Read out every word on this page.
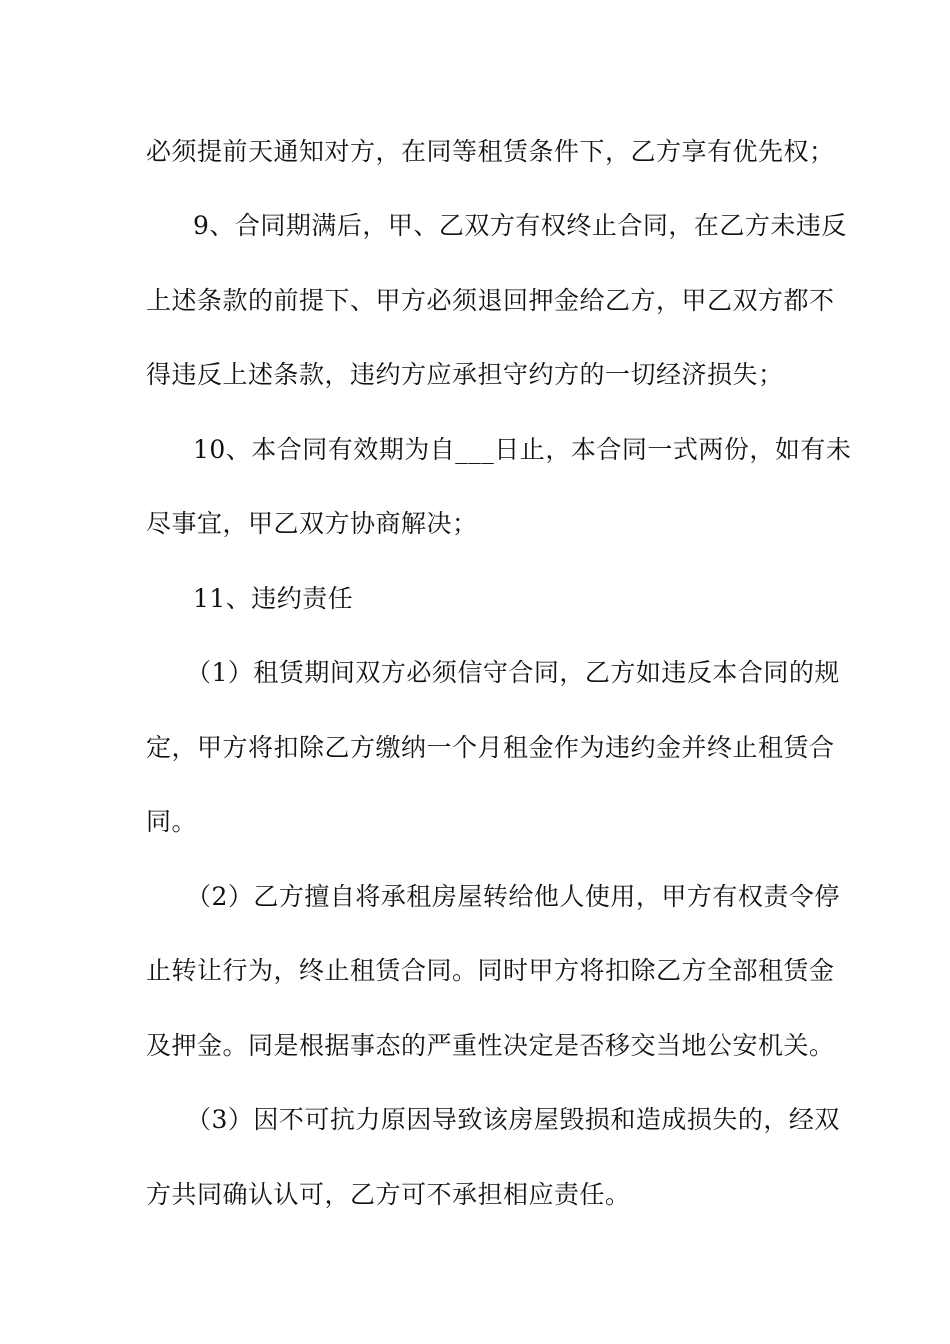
必须提前天通知对方，在同等租赁条件下，乙方享有优先权；
9、合同期满后，甲、乙双方有权终止合同，在乙方未违反
上述条款的前提下、甲方必须退回押金给乙方，甲乙双方都不
得违反上述条款，违约方应承担守约方的一切经济损失；
10、本合同有效期为自___日止，本合同一式两份，如有未
尽事宜，甲乙双方协商解决；
11、违约责任
（1）租赁期间双方必须信守合同，乙方如违反本合同的规
定，甲方将扣除乙方缴纳一个月租金作为违约金并终止租赁合
同。
（2）乙方擅自将承租房屋转给他人使用，甲方有权责令停
止转让行为，终止租赁合同。同时甲方将扣除乙方全部租赁金
及押金。同是根据事态的严重性决定是否移交当地公安机关。
（3）因不可抗力原因导致该房屋毁损和造成损失的，经双
方共同确认认可，乙方可不承担相应责任。
